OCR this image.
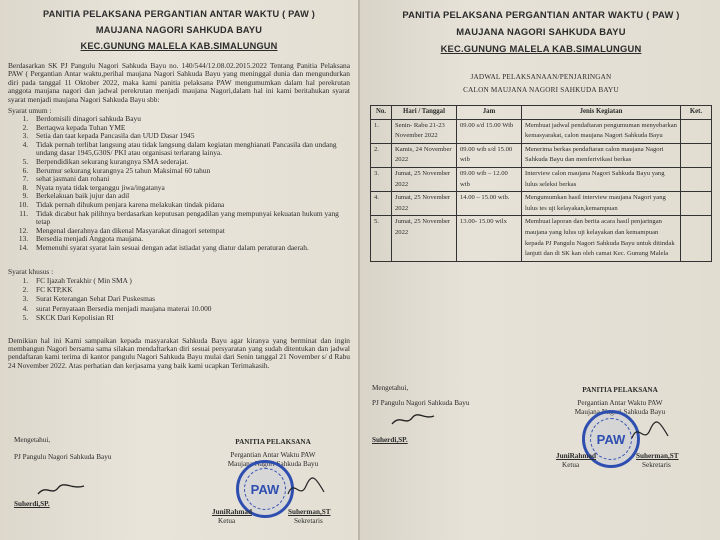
PANITIA PELAKSANA PERGANTIAN ANTAR WAKTU ( PAW )
MAUJANA NAGORI SAHKUDA BAYU
KEC.GUNUNG MALELA KAB.SIMALUNGUN
Berdasarkan SK PJ Pangulu Nagori Sahkuda Bayu no. 140/544/12.08.02.2015.2022 Tentang Panitia Pelaksana PAW ( Pergantian Antar waktu,perihal maujana Nagori Sahkuda Bayu yang meninggal dunia dan mengundurkan diri pada tanggal 11 Oktober 2022, maka kami panitia pelaksana PAW mengumumkan dalam hal perekrutan anggota maujana nagori dan jadwal perekrutan menjadi maujana Nagori,dalam hal ini kami beritahukan syarat syarat menjadi maujana Nagori Sahkuda Bayu sbb:
Syarat umum :
1. Berdomisili dinagori sahkuda Bayu
2. Bertaqwa kepada Tuhan YME
3. Setia dan taat kepada Pancasila dan UUD Dasar 1945
4. Tidak pernah terlibat langsung atau tidak langsung dalam kegiatan menghianati Pancasila dan undang undang dasar 1945,G30S/ PKI atau organisasi terlarang lainya.
5. Berpendidikan sekurang kurangnya SMA sederajat.
6. Berumur sekurang kurangnya 25 tahun Maksimal 60 tahun
7. sehat jasmani dan rohani
8. Nyata nyata tidak terganggu jiwa/ingatanya
9. Berkelakuan baik jujur dan adil
10. Tidak pernah dihukum penjara karena melakukan tindak pidana
11. Tidak dicabut hak pilihnya berdasarkan keputusan pengadilan yang mempunyai kekuatan hukum yang tetap
12. Mengenal daerahnya dan dikenal Masyarakat dinagori setempat
13. Bersedia menjadi Anggota maujana.
14. Memenuhi syarat syarat lain sesuai dengan adat istiadat yang diatur dalam peraturan daerah.
Syarat khusus :
1. FC Ijazah Terakhir ( Min SMA )
2. FC KTP,KK
3. Surat Keterangan Sehat Dari Puskesmas
4. surat Pernyataan Bersedia menjadi maujana materai 10.000
5. SKCK Dari Kepolisian RI
Demikian hal ini Kami sampaikan kepada masyarakat Sahkuda Bayu agar kiranya yang berminat dan ingin membangun Nagori bersama sama silakan mendaftarkan diri sesuai persyaratan yang sudah ditentukan dan jadwal pendaftaran kami terima di kantor pangulu Nagori Sahkuda Bayu mulai dari Senin tanggal 21 November s/ d Rabu 24 November 2022. Atas perhatian dan kerjasama yang baik kami ucapkan Terimakasih.
Mengetahui,
PJ Pangulu Nagori Sahkuda Bayu
Suherdi,SP.
PANITIA PELAKSANA
Pergantian Antar Waktu PAW
Maujana Nagori Sahkuda Bayu
PAW
JuniRahmad
Ketua
Suherman,ST
Sekretaris
PANITIA PELAKSANA PERGANTIAN ANTAR WAKTU ( PAW )
MAUJANA NAGORI SAHKUDA BAYU
KEC.GUNUNG MALELA KAB.SIMALUNGUN
JADWAL PELAKSANAAN/PENJARINGAN
CALON MAUJANA NAGORI SAHKUDA BAYU
No.	Hari / Tanggal	Jam	Jenis Kegiatan	Ket.
1.	Senin- Rabu 21-23 November 2022	09.00 s/d 15.00 Wib	Membuat jadwal pendaftaran pengumuman menyebarkan kemasyarakat, calon maujana Nagori Sahkuda Bayu	
2.	Kamis, 24 November 2022	09.00 wib s/d 15.00 wib	Menerima berkas pendaftaran calon maujana Nagori Sahkuda Bayu dan menferivikasi berkas	
3.	Jumat, 25 November 2022	09.00 wib – 12.00 wib	Interview calon maujana Nagori Sahkuda Bayu yang lulus seleksi berkas	
4.	Jumat, 25 November 2022	14.00 – 15.00 wib.	Mengumumkan hasil interview maujana Nagori yang lulus tes uji kelayakan,kemampuan	
5.	Jumat, 25 November 2022	13.00- 15.00 wilx	Membuat laporan dan berita acara hasil penjaringan maujana yang lulus uji kelayakan dan kemampuan kepada PJ Pangulu Nagori Sahkuda Bayu untuk ditindak lanjuti dan di SK kan oleh camat Kec. Gunung Malela	
Mengetahui,
PJ Pangulu Nagori Sahkuda Bayu
Suherdi,SP.
PANITIA PELAKSANA
Pergantian Antar Waktu PAW
Maujana Nagori Sahkuda Bayu
PAW
JuniRahmad
Ketua
Suherman,ST
Sekretaris
